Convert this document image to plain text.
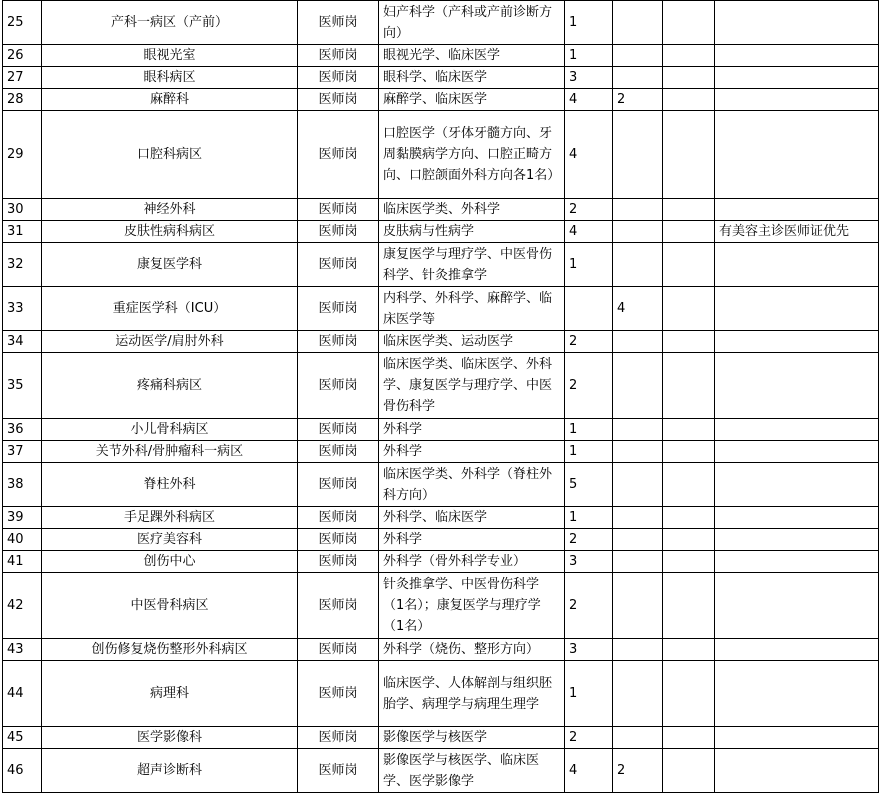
25	产科一病区（产前）	医师岗	妇产科学（产科或产前诊断方向）	1			
26	眼视光室	医师岗	眼视光学、临床医学	1			
27	眼科病区	医师岗	眼科学、临床医学	3			
28	麻醉科	医师岗	麻醉学、临床医学	4	2		
29	口腔科病区	医师岗	口腔医学（牙体牙髓方向、牙周黏膜病学方向、口腔正畸方向、口腔颌面外科方向各1名）	4			
30	神经外科	医师岗	临床医学类、外科学	2			
31	皮肤性病科病区	医师岗	皮肤病与性病学	4			有美容主诊医师证优先
32	康复医学科	医师岗	康复医学与理疗学、中医骨伤科学、针灸推拿学	1			
33	重症医学科（ICU）	医师岗	内科学、外科学、麻醉学、临床医学等		4		
34	运动医学/肩肘外科	医师岗	临床医学类、运动医学	2			
35	疼痛科病区	医师岗	临床医学类、临床医学、外科学、康复医学与理疗学、中医骨伤科学	2			
36	小儿骨科病区	医师岗	外科学	1			
37	关节外科/骨肿瘤科一病区	医师岗	外科学	1			
38	脊柱外科	医师岗	临床医学类、外科学（脊柱外科方向）	5			
39	手足踝外科病区	医师岗	外科学、临床医学	1			
40	医疗美容科	医师岗	外科学	2			
41	创伤中心	医师岗	外科学（骨外科学专业）	3			
42	中医骨科病区	医师岗	针灸推拿学、中医骨伤科学（1名）；康复医学与理疗学（1名）	2			
43	创伤修复烧伤整形外科病区	医师岗	外科学（烧伤、整形方向）	3			
44	病理科	医师岗	临床医学、人体解剖与组织胚胎学、病理学与病理生理学	1			
45	医学影像科	医师岗	影像医学与核医学	2			
46	超声诊断科	医师岗	影像医学与核医学、临床医学、医学影像学	4	2		
